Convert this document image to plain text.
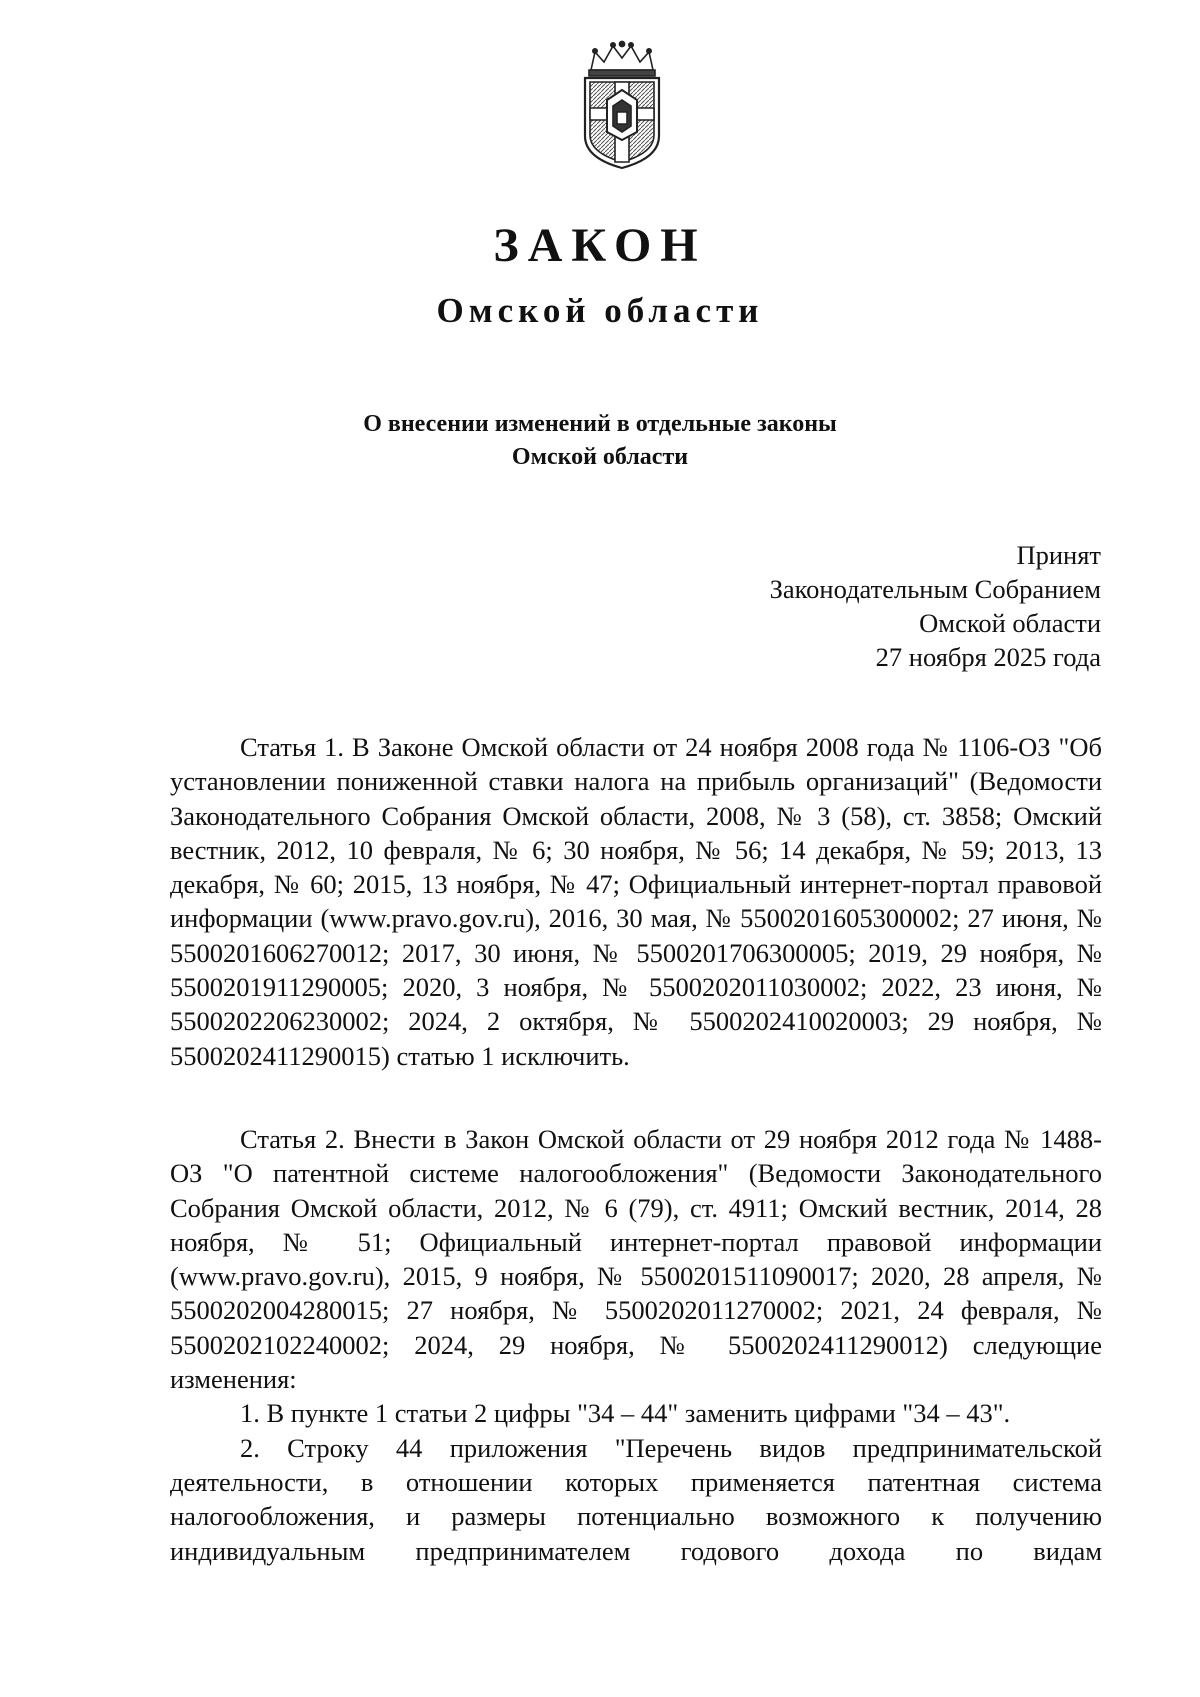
ЗАКОН
Омской области
О внесении изменений в отдельные законы
Омской области
Принят
Законодательным Собранием
Омской области
27 ноября 2025 года

Статья 1. В Законе Омской области от 24 ноября 2008 года № 1106-ОЗ "Об установлении пониженной ставки налога на прибыль организаций" (Ведомости Законодательного Собрания Омской области, 2008, № 3 (58), ст. 3858; Омский вестник, 2012, 10 февраля, № 6; 30 ноября, № 56; 14 декабря, № 59; 2013, 13 декабря, № 60; 2015, 13 ноября, № 47; Официальный интернет-портал правовой информации (www.pravo.gov.ru), 2016, 30 мая, № 5500201605300002; 27 июня, № 5500201606270012; 2017, 30 июня, № 5500201706300005; 2019, 29 ноября, № 5500201911290005; 2020, 3 ноября, № 5500202011030002; 2022, 23 июня, № 5500202206230002; 2024, 2 октября, № 5500202410020003; 29 ноября, № 5500202411290015) статью 1 исключить.

Статья 2. Внести в Закон Омской области от 29 ноября 2012 года № 1488-ОЗ "О патентной системе налогообложения" (Ведомости Законодательного Собрания Омской области, 2012, № 6 (79), ст. 4911; Омский вестник, 2014, 28 ноября, № 51; Официальный интернет-портал правовой информации (www.pravo.gov.ru), 2015, 9 ноября, № 5500201511090017; 2020, 28 апреля, № 5500202004280015; 27 ноября, № 5500202011270002; 2021, 24 февраля, № 5500202102240002; 2024, 29 ноября, № 5500202411290012) следующие изменения:

1. В пункте 1 статьи 2 цифры "34 – 44" заменить цифрами "34 – 43".

2. Строку 44 приложения "Перечень видов предпринимательской деятельности, в отношении которых применяется патентная система налогообложения, и размеры потенциально возможного к получению индивидуальным предпринимателем годового дохода по видам
